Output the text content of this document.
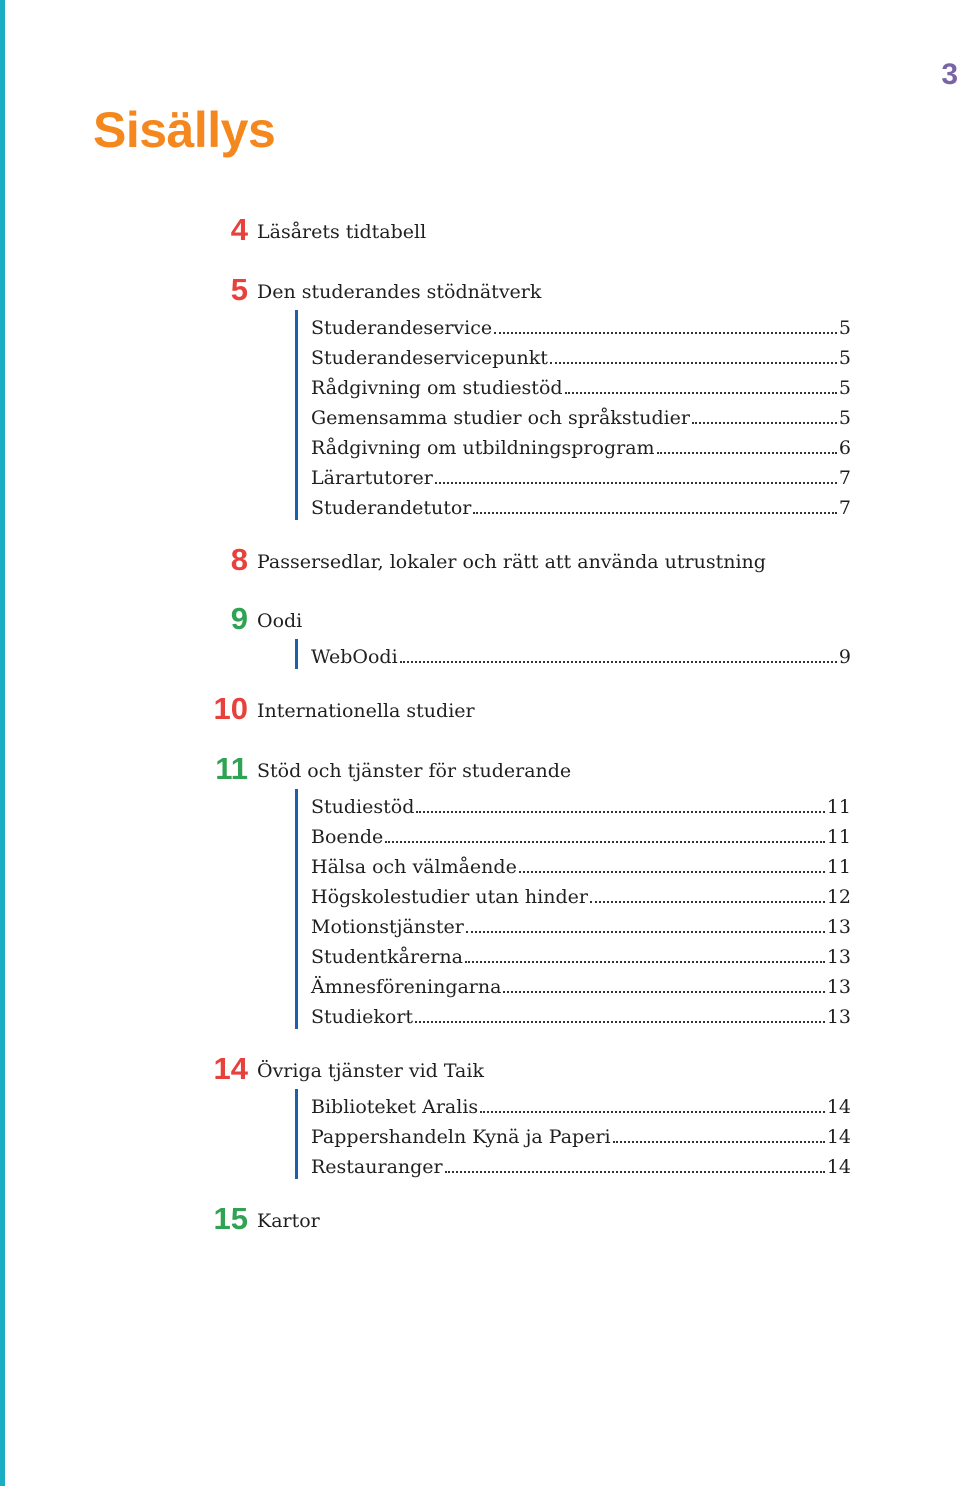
3
Sisällys
4 Läsårets tidtabell
5 Den studerandes stödnätverk
Studerandeservice	5
Studerandeservicepunkt	5
Rådgivning om studiestöd	5
Gemensamma studier och språkstudier	5
Rådgivning om utbildningsprogram	6
Lärartutorer	7
Studerandetutor	7
8 Passersedlar, lokaler och rätt att använda utrustning
9 Oodi
WebOodi	9
10 Internationella studier
11 Stöd och tjänster för studerande
Studiestöd	11
Boende	11
Hälsa och välmående	11
Högskolestudier utan hinder	12
Motionstjänster	13
Studentkårerna	13
Ämnesföreningarna	13
Studiekort	13
14 Övriga tjänster vid Taik
Biblioteket Aralis	14
Pappershandeln Kynä ja Paperi	14
Restauranger	14
15 Kartor
